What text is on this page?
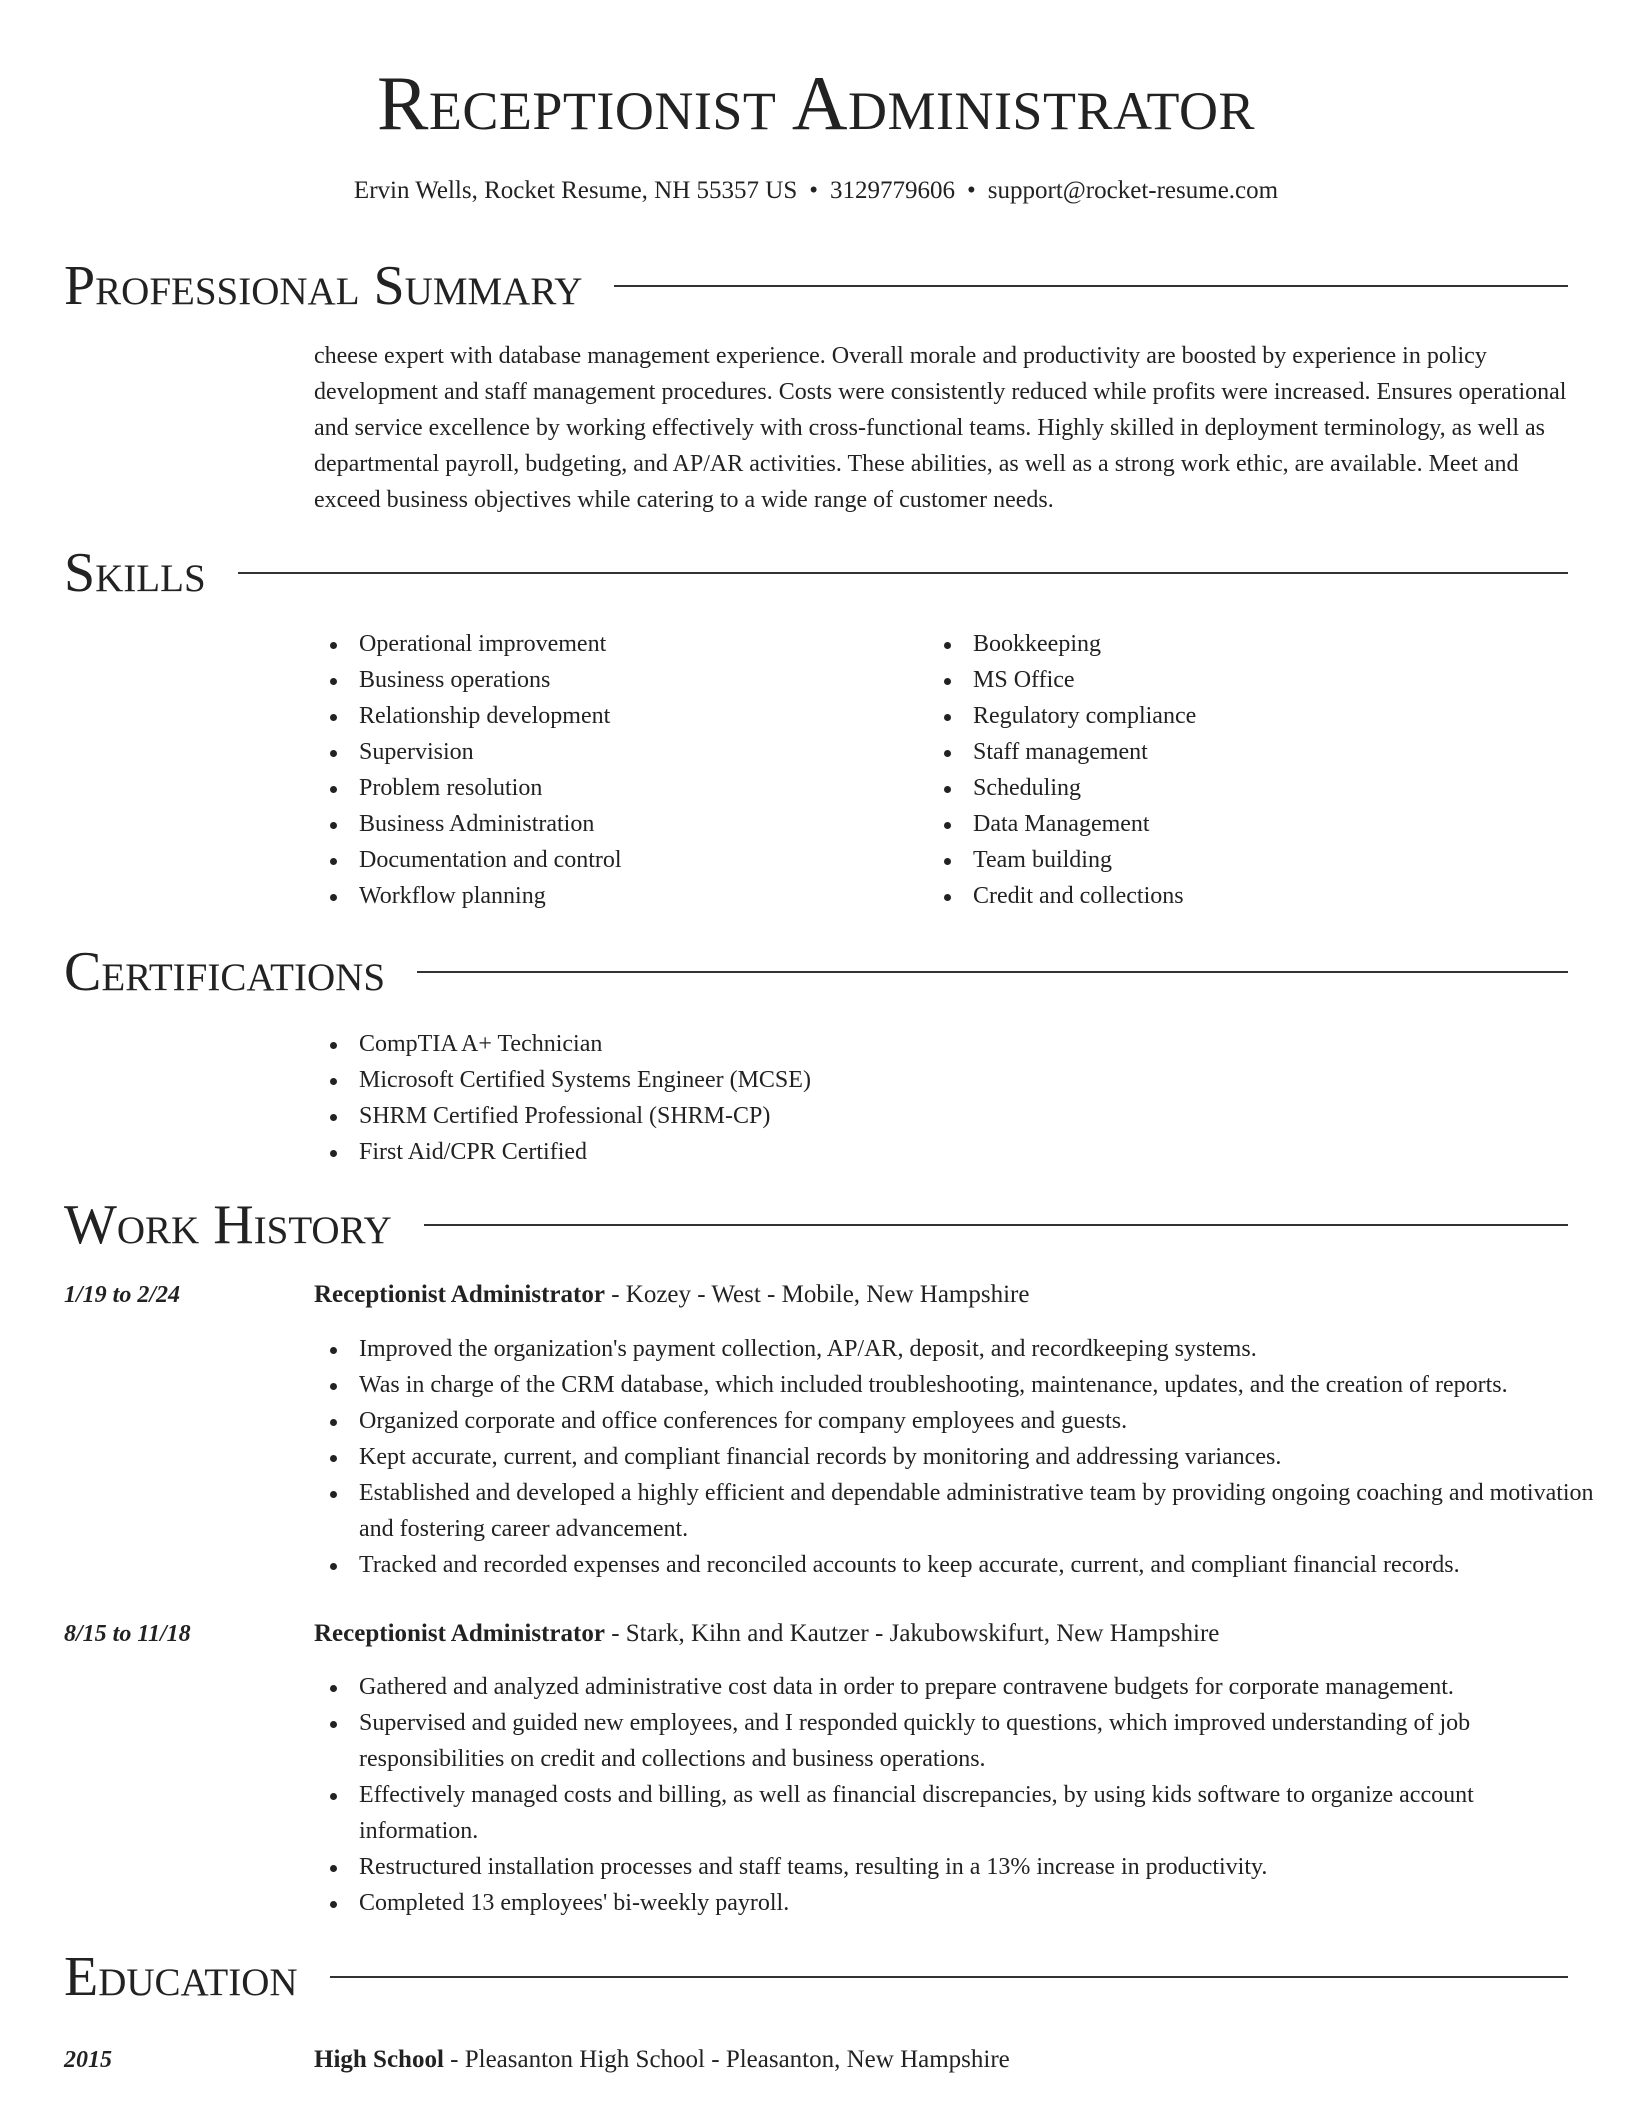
Receptionist Administrator
Ervin Wells, Rocket Resume, NH 55357 US • 3129779606 • support@rocket-resume.com
Professional Summary
cheese expert with database management experience. Overall morale and productivity are boosted by experience in policy development and staff management procedures. Costs were consistently reduced while profits were increased. Ensures operational and service excellence by working effectively with cross-functional teams. Highly skilled in deployment terminology, as well as departmental payroll, budgeting, and AP/AR activities. These abilities, as well as a strong work ethic, are available. Meet and exceed business objectives while catering to a wide range of customer needs.
Skills
Operational improvement
Business operations
Relationship development
Supervision
Problem resolution
Business Administration
Documentation and control
Workflow planning
Bookkeeping
MS Office
Regulatory compliance
Staff management
Scheduling
Data Management
Team building
Credit and collections
Certifications
CompTIA A+ Technician
Microsoft Certified Systems Engineer (MCSE)
SHRM Certified Professional (SHRM-CP)
First Aid/CPR Certified
Work History
1/19 to 2/24	Receptionist Administrator - Kozey - West - Mobile, New Hampshire
Improved the organization's payment collection, AP/AR, deposit, and recordkeeping systems.
Was in charge of the CRM database, which included troubleshooting, maintenance, updates, and the creation of reports.
Organized corporate and office conferences for company employees and guests.
Kept accurate, current, and compliant financial records by monitoring and addressing variances.
Established and developed a highly efficient and dependable administrative team by providing ongoing coaching and motivation and fostering career advancement.
Tracked and recorded expenses and reconciled accounts to keep accurate, current, and compliant financial records.
8/15 to 11/18	Receptionist Administrator - Stark, Kihn and Kautzer - Jakubowskifurt, New Hampshire
Gathered and analyzed administrative cost data in order to prepare contravene budgets for corporate management.
Supervised and guided new employees, and I responded quickly to questions, which improved understanding of job responsibilities on credit and collections and business operations.
Effectively managed costs and billing, as well as financial discrepancies, by using kids software to organize account information.
Restructured installation processes and staff teams, resulting in a 13% increase in productivity.
Completed 13 employees' bi-weekly payroll.
Education
2015	High School - Pleasanton High School - Pleasanton, New Hampshire
